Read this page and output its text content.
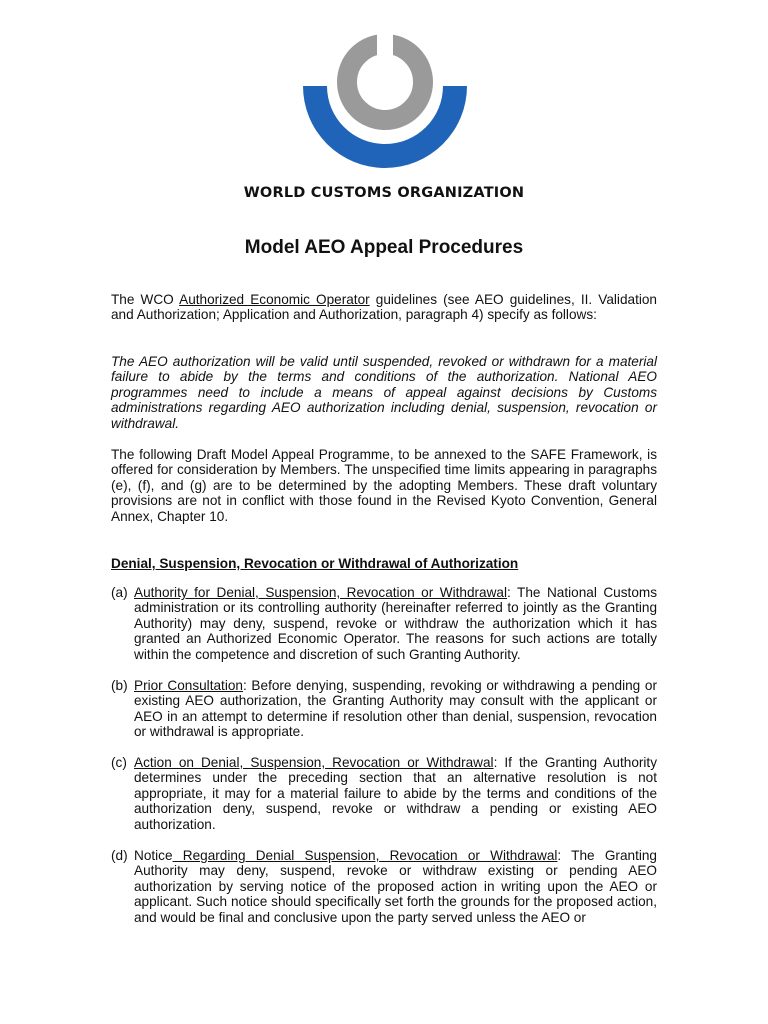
WORLD CUSTOMS ORGANIZATION
Model AEO Appeal Procedures
The WCO Authorized Economic Operator guidelines (see AEO guidelines, II. Validation and Authorization; Application and Authorization, paragraph 4) specify as follows:
The AEO authorization will be valid until suspended, revoked or withdrawn for a material failure to abide by the terms and conditions of the authorization. National AEO programmes need to include a means of appeal against decisions by Customs administrations regarding AEO authorization including denial, suspension, revocation or withdrawal.
The following Draft Model Appeal Programme, to be annexed to the SAFE Framework, is offered for consideration by Members. The unspecified time limits appearing in paragraphs (e), (f), and (g) are to be determined by the adopting Members. These draft voluntary provisions are not in conflict with those found in the Revised Kyoto Convention, General Annex, Chapter 10.
Denial, Suspension, Revocation or Withdrawal of Authorization
(a) Authority for Denial, Suspension, Revocation or Withdrawal: The National Customs administration or its controlling authority (hereinafter referred to jointly as the Granting Authority) may deny, suspend, revoke or withdraw the authorization which it has granted an Authorized Economic Operator. The reasons for such actions are totally within the competence and discretion of such Granting Authority.
(b) Prior Consultation: Before denying, suspending, revoking or withdrawing a pending or existing AEO authorization, the Granting Authority may consult with the applicant or AEO in an attempt to determine if resolution other than denial, suspension, revocation or withdrawal is appropriate.
(c) Action on Denial, Suspension, Revocation or Withdrawal: If the Granting Authority determines under the preceding section that an alternative resolution is not appropriate, it may for a material failure to abide by the terms and conditions of the authorization deny, suspend, revoke or withdraw a pending or existing AEO authorization.
(d) Notice Regarding Denial Suspension, Revocation or Withdrawal: The Granting Authority may deny, suspend, revoke or withdraw existing or pending AEO authorization by serving notice of the proposed action in writing upon the AEO or applicant. Such notice should specifically set forth the grounds for the proposed action, and would be final and conclusive upon the party served unless the AEO or
